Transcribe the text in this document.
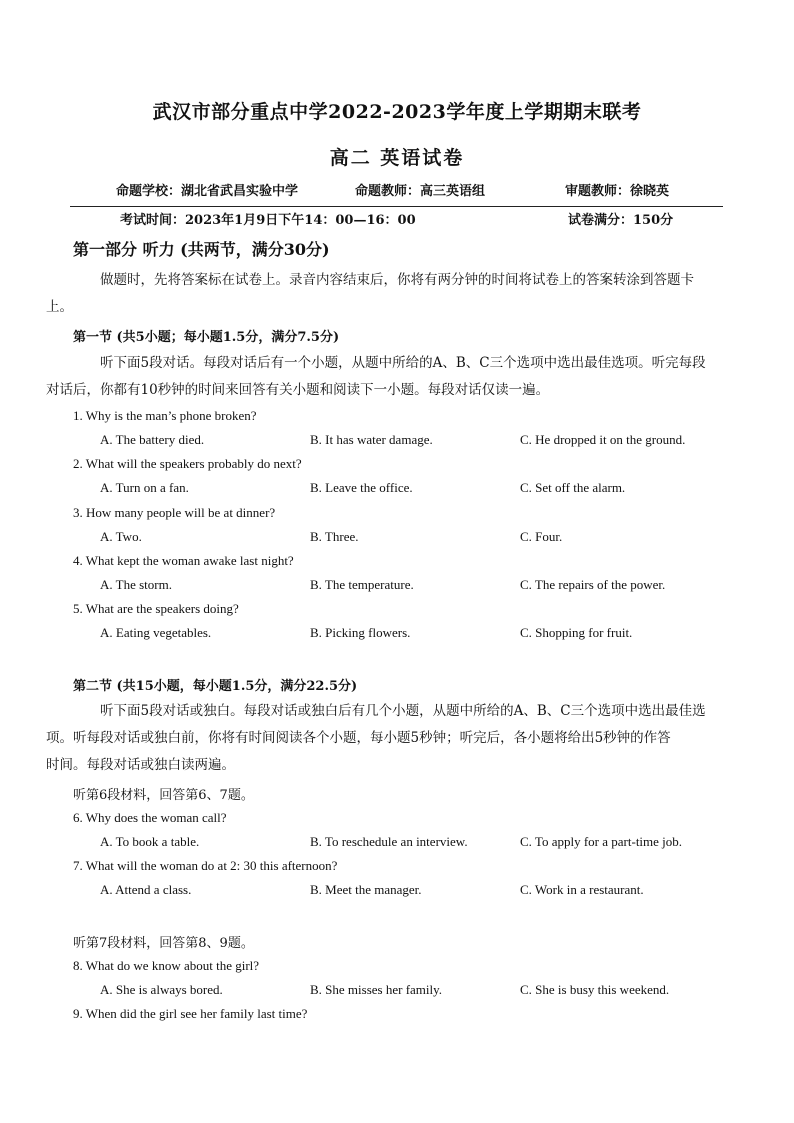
武汉市部分重点中学2022-2023学年度上学期期末联考
高二 英语试卷
命题学校：湖北省武昌实验中学	命题教师：高三英语组	审题教师：徐晓英
考试时间：2023年1月9日下午14：00—16：00	试卷满分：150分
第一部分 听力 (共两节，满分30分)
做题时，先将答案标在试卷上。录音内容结束后，你将有两分钟的时间将试卷上的答案转涂到答题卡
上。
第一节 (共5小题；每小题1.5分，满分7.5分)
听下面5段对话。每段对话后有一个小题，从题中所给的A、B、C三个选项中选出最佳选项。听完每段
对话后，你都有10秒钟的时间来回答有关小题和阅读下一小题。每段对话仅读一遍。
1. Why is the man’s phone broken?
A. The battery died.	B. It has water damage.	C. He dropped it on the ground.
2. What will the speakers probably do next?
A. Turn on a fan.	B. Leave the office.	C. Set off the alarm.
3. How many people will be at dinner?
A. Two.	B. Three.	C. Four.
4. What kept the woman awake last night?
A. The storm.	B. The temperature.	C. The repairs of the power.
5. What are the speakers doing?
A. Eating vegetables.	B. Picking flowers.	C. Shopping for fruit.
第二节 (共15小题，每小题1.5分，满分22.5分)
听下面5段对话或独白。每段对话或独白后有几个小题，从题中所给的A、B、C三个选项中选出最佳选
项。听每段对话或独白前，你将有时间阅读各个小题，每小题5秒钟；听完后，各小题将给出5秒钟的作答
时间。每段对话或独白读两遍。
听第6段材料，回答第6、7题。
6. Why does the woman call?
A. To book a table.	B. To reschedule an interview.	C. To apply for a part-time job.
7. What will the woman do at 2: 30 this afternoon?
A. Attend a class.	B. Meet the manager.	C. Work in a restaurant.
听第7段材料，回答第8、9题。
8. What do we know about the girl?
A. She is always bored.	B. She misses her family.	C. She is busy this weekend.
9. When did the girl see her family last time?
